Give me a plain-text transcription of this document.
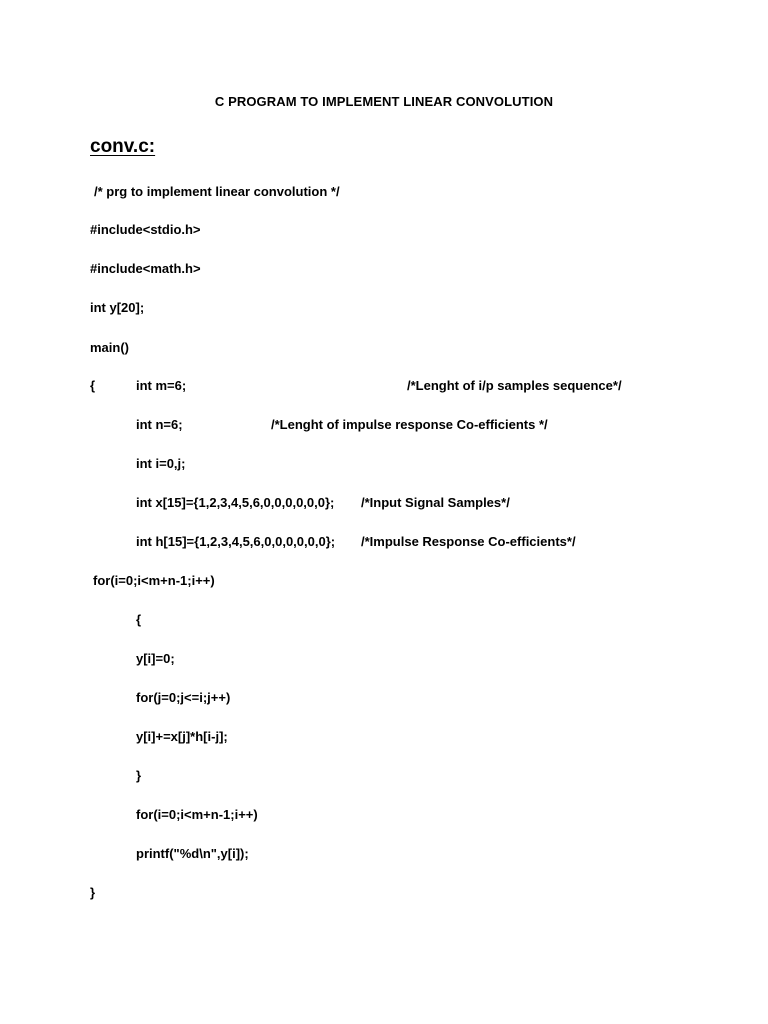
C PROGRAM TO IMPLEMENT LINEAR CONVOLUTION
conv.c:
/* prg to implement linear convolution */
#include<stdio.h>
#include<math.h>
int y[20];
main()
{	int m=6;	/*Lenght of i/p samples sequence*/
int n=6;	/*Lenght of impulse response Co-efficients */
int i=0,j;
int x[15]={1,2,3,4,5,6,0,0,0,0,0,0}; /*Input Signal Samples*/
int h[15]={1,2,3,4,5,6,0,0,0,0,0,0}; /*Impulse Response Co-efficients*/
for(i=0;i<m+n-1;i++)
{
y[i]=0;
for(j=0;j<=i;j++)
y[i]+=x[j]*h[i-j];
}
for(i=0;i<m+n-1;i++)
printf("%d\n",y[i]);
}
